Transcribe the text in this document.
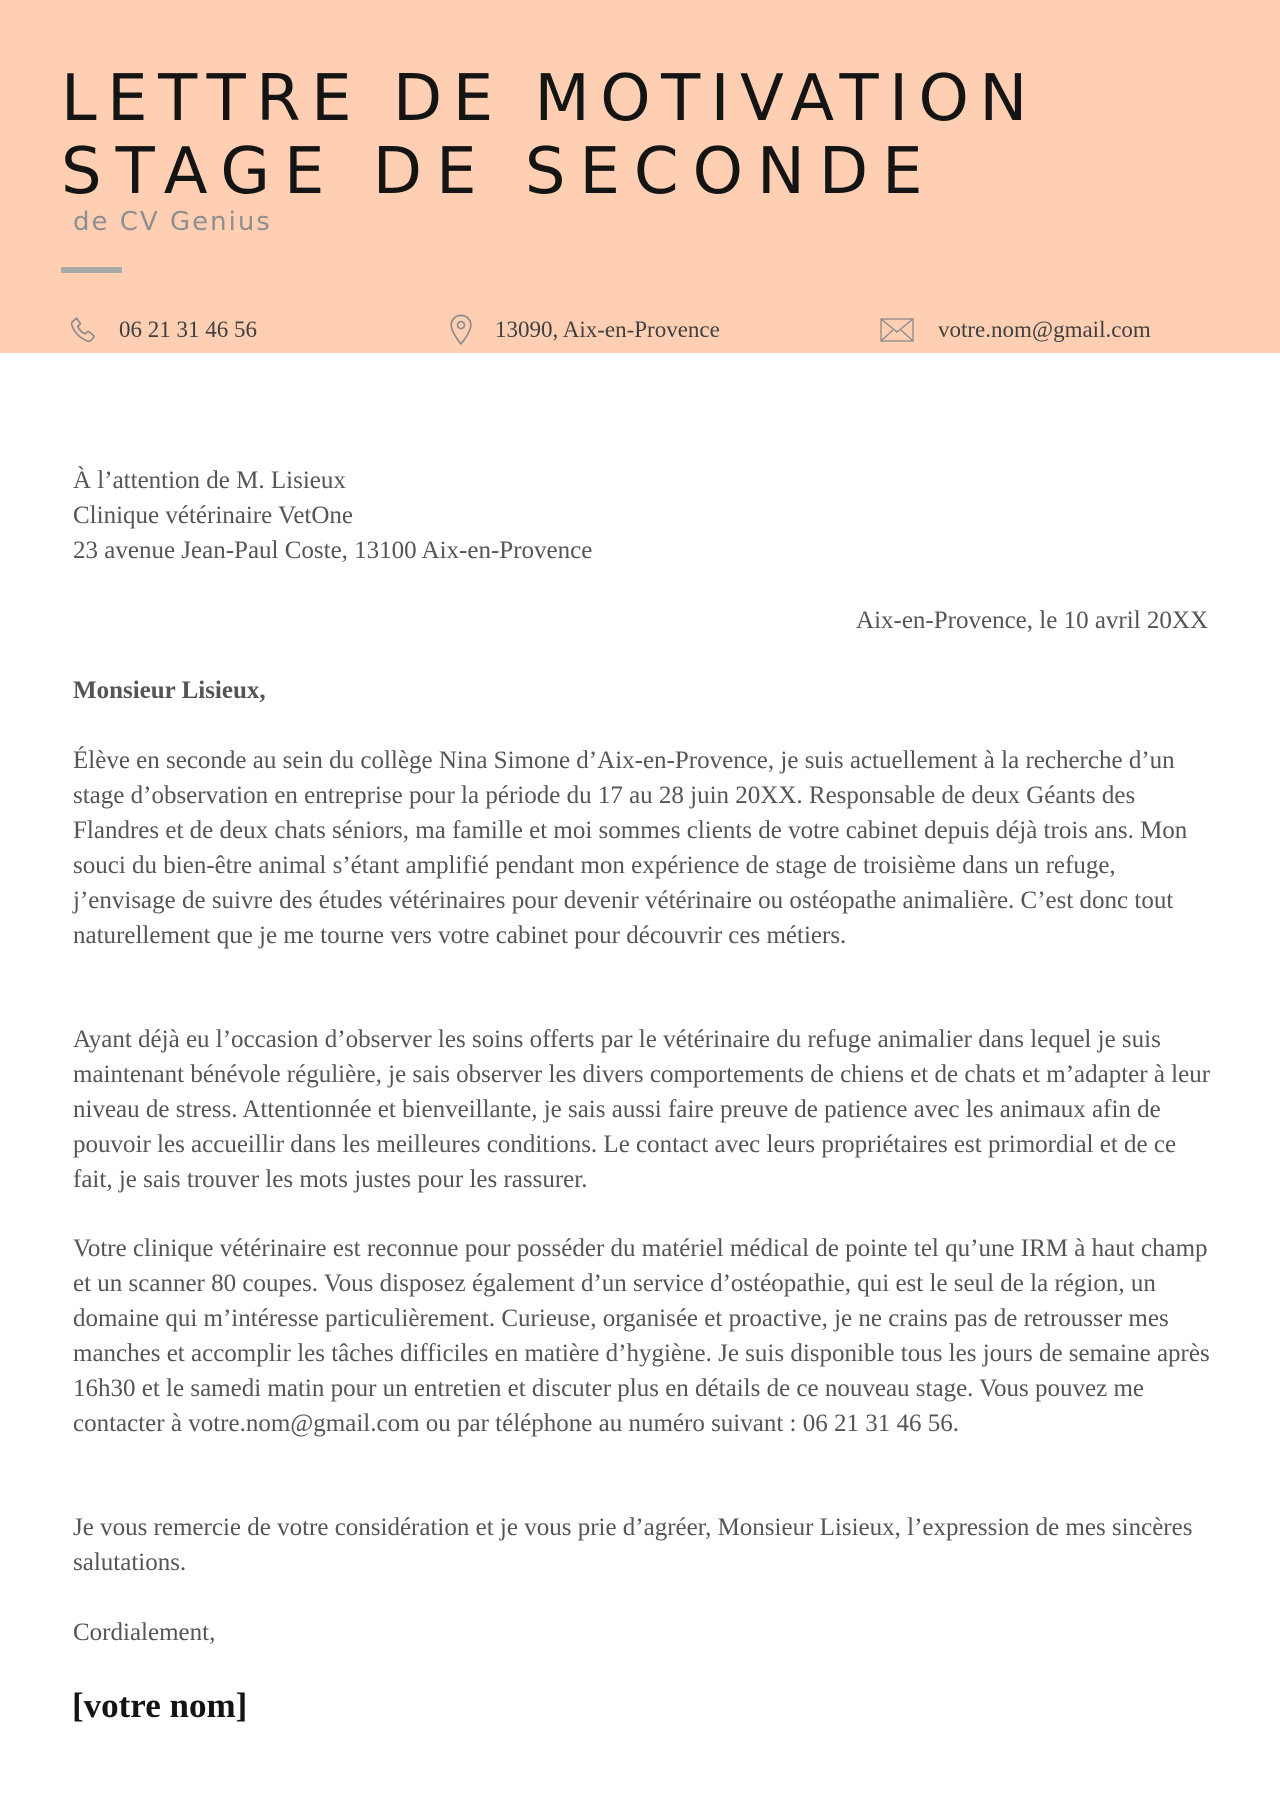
LETTRE DE MOTIVATION
STAGE DE SECONDE
de CV Genius
06 21 31 46 56	13090, Aix-en-Provence	votre.nom@gmail.com
À l’attention de M. Lisieux
Clinique vétérinaire VetOne
23 avenue Jean-Paul Coste, 13100 Aix-en-Provence
Aix-en-Provence, le 10 avril 20XX
Monsieur Lisieux,

Élève en seconde au sein du collège Nina Simone d’Aix-en-Provence, je suis actuellement à la recherche d’un stage d’observation en entreprise pour la période du 17 au 28 juin 20XX. Responsable de deux Géants des Flandres et de deux chats séniors, ma famille et moi sommes clients de votre cabinet depuis déjà trois ans. Mon souci du bien-être animal s’étant amplifié pendant mon expérience de stage de troisième dans un refuge, j’envisage de suivre des études vétérinaires pour devenir vétérinaire ou ostéopathe animalière. C’est donc tout naturellement que je me tourne vers votre cabinet pour découvrir ces métiers.

Ayant déjà eu l’occasion d’observer les soins offerts par le vétérinaire du refuge animalier dans lequel je suis maintenant bénévole régulière, je sais observer les divers comportements de chiens et de chats et m’adapter à leur niveau de stress. Attentionnée et bienveillante, je sais aussi faire preuve de patience avec les animaux afin de pouvoir les accueillir dans les meilleures conditions. Le contact avec leurs propriétaires est primordial et de ce fait, je sais trouver les mots justes pour les rassurer.

Votre clinique vétérinaire est reconnue pour posséder du matériel médical de pointe tel qu’une IRM à haut champ et un scanner 80 coupes. Vous disposez également d’un service d’ostéopathie, qui est le seul de la région, un domaine qui m’intéresse particulièrement. Curieuse, organisée et proactive, je ne crains pas de retrousser mes manches et accomplir les tâches difficiles en matière d’hygiène. Je suis disponible tous les jours de semaine après 16h30 et le samedi matin pour un entretien et discuter plus en détails de ce nouveau stage. Vous pouvez me contacter à votre.nom@gmail.com ou par téléphone au numéro suivant : 06 21 31 46 56.

Je vous remercie de votre considération et je vous prie d’agréer, Monsieur Lisieux, l’expression de mes sincères salutations.

Cordialement,
[votre nom]
